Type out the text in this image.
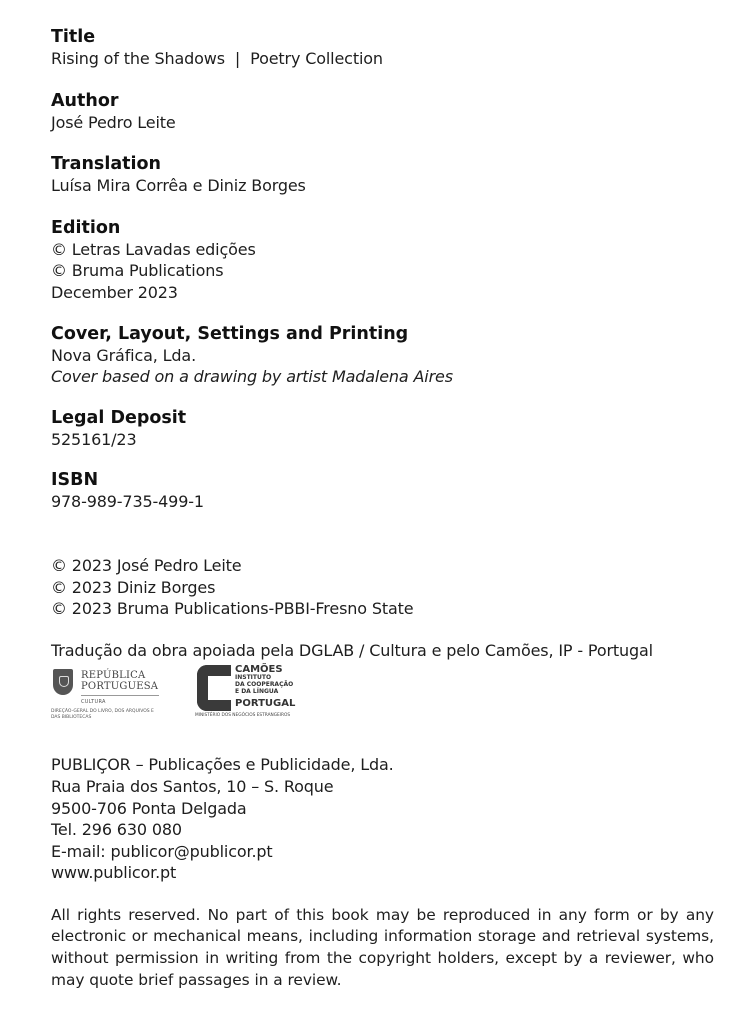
Title
Rising of the Shadows | Poetry Collection
Author
José Pedro Leite
Translation
Luísa Mira Corrêa e Diniz Borges
Edition
© Letras Lavadas edições
© Bruma Publications
December 2023
Cover, Layout, Settings and Printing
Nova Gráfica, Lda.
Cover based on a drawing by artist Madalena Aires
Legal Deposit
525161/23
ISBN
978-989-735-499-1
© 2023 José Pedro Leite
© 2023 Diniz Borges
© 2023 Bruma Publications-PBBI-Fresno State
Tradução da obra apoiada pela DGLAB / Cultura e pelo Camões, IP - Portugal
REPÚBLICA
PORTUGUESA
CULTURA
DIREÇÃO-GERAL DO LIVRO, DOS ARQUIVOS E
DAS BIBLIOTECAS
CAMÕES
INSTITUTO
DA COOPERAÇÃO
E DA LÍNGUA
PORTUGAL
MINISTÉRIO DOS NEGÓCIOS ESTRANGEIROS
PUBLIÇOR – Publicações e Publicidade, Lda.
Rua Praia dos Santos, 10 – S. Roque
9500-706 Ponta Delgada
Tel. 296 630 080
E-mail: publicor@publicor.pt
www.publicor.pt
All rights reserved. No part of this book may be reproduced in any form or by any electronic or mechanical means, including information storage and retrieval systems, without permission in writing from the copyright holders, except by a reviewer, who may quote brief passages in a review.
